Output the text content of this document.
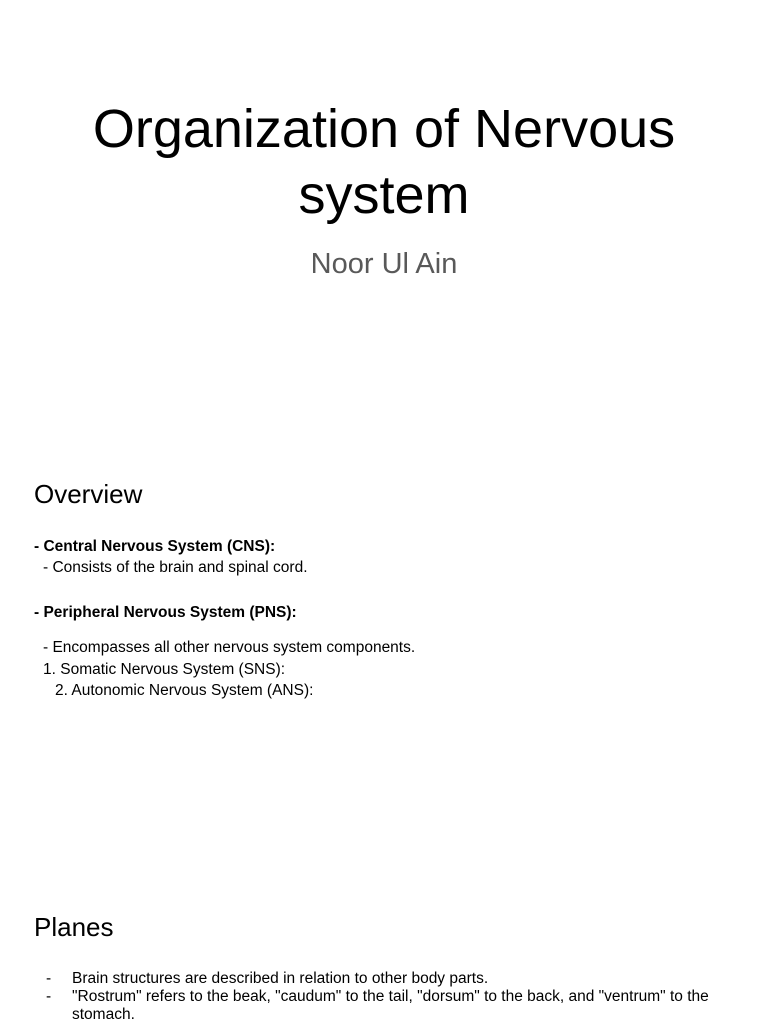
Organization of Nervous
system
Noor Ul Ain
Overview
- Central Nervous System (CNS):
- Consists of the brain and spinal cord.
- Peripheral Nervous System (PNS):
- Encompasses all other nervous system components.
1. Somatic Nervous System (SNS):
2. Autonomic Nervous System (ANS):
Planes
- Brain structures are described in relation to other body parts.
- "Rostrum" refers to the beak, "caudum" to the tail, "dorsum" to the back, and "ventrum" to the stomach.
